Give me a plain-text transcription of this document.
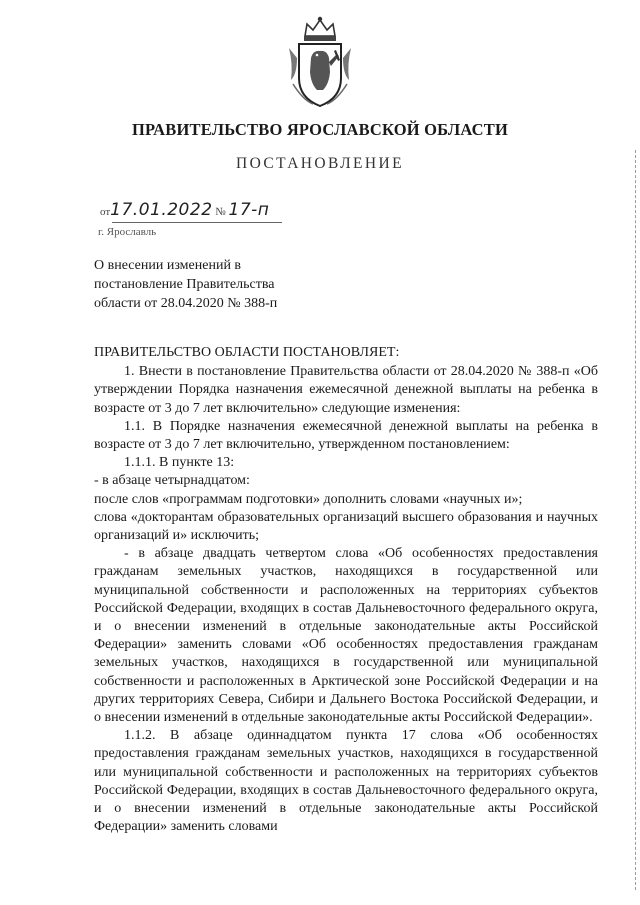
ПРАВИТЕЛЬСТВО ЯРОСЛАВСКОЙ ОБЛАСТИ
ПОСТАНОВЛЕНИЕ
от17.01.2022 № 17-п
г. Ярославль
О внесении изменений в
постановление Правительства
области от 28.04.2020 № 388-п

ПРАВИТЕЛЬСТВО ОБЛАСТИ ПОСТАНОВЛЯЕТ:

1. Внести в постановление Правительства области от 28.04.2020 № 388-п «Об утверждении Порядка назначения ежемесячной денежной выплаты на ребенка в возрасте от 3 до 7 лет включительно» следующие изменения:

1.1. В Порядке назначения ежемесячной денежной выплаты на ребенка в возрасте от 3 до 7 лет включительно, утвержденном постановлением:

1.1.1. В пункте 13:

- в абзаце четырнадцатом:

после слов «программам подготовки» дополнить словами «научных и»;

слова «докторантам образовательных организаций высшего образования и научных организаций и» исключить;

- в абзаце двадцать четвертом слова «Об особенностях предоставления гражданам земельных участков, находящихся в государственной или муниципальной собственности и расположенных на территориях субъектов Российской Федерации, входящих в состав Дальневосточного федерального округа, и о внесении изменений в отдельные законодательные акты Российской Федерации» заменить словами «Об особенностях предоставления гражданам земельных участков, находящихся в государственной или муниципальной собственности и расположенных в Арктической зоне Российской Федерации и на других территориях Севера, Сибири и Дальнего Востока Российской Федерации, и о внесении изменений в отдельные законодательные акты Российской Федерации».

1.1.2. В абзаце одиннадцатом пункта 17 слова «Об особенностях предоставления гражданам земельных участков, находящихся в государственной или муниципальной собственности и расположенных на территориях субъектов Российской Федерации, входящих в состав Дальневосточного федерального округа, и о внесении изменений в отдельные законодательные акты Российской Федерации» заменить словами
